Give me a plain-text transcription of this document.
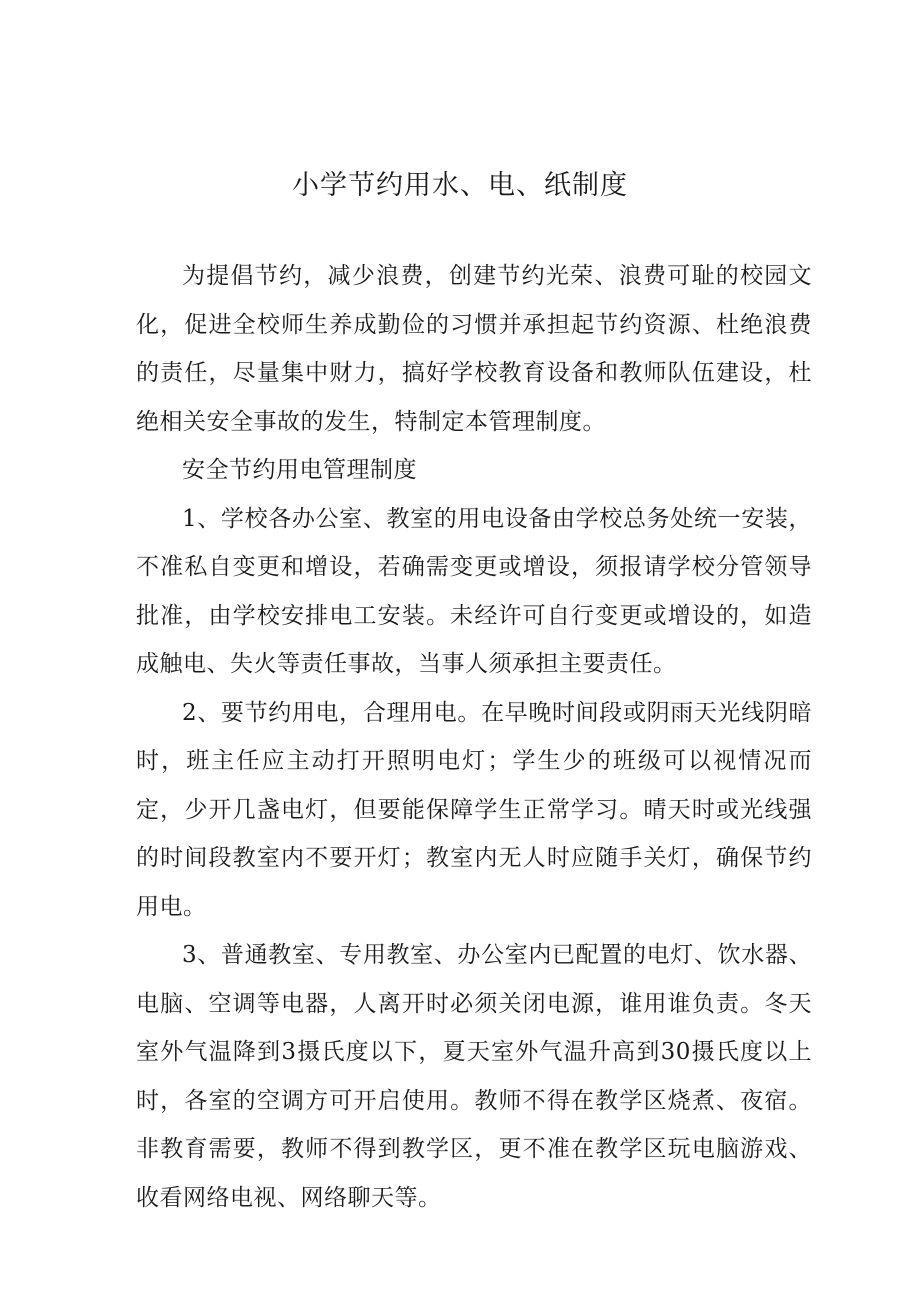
小学节约用水、电、纸制度

为提倡节约，减少浪费，创建节约光荣、浪费可耻的校园文化，促进全校师生养成勤俭的习惯并承担起节约资源、杜绝浪费的责任，尽量集中财力，搞好学校教育设备和教师队伍建设，杜绝相关安全事故的发生，特制定本管理制度。

安全节约用电管理制度

1、学校各办公室、教室的用电设备由学校总务处统一安装，不准私自变更和增设，若确需变更或增设，须报请学校分管领导批准，由学校安排电工安装。未经许可自行变更或增设的，如造成触电、失火等责任事故，当事人须承担主要责任。

2、要节约用电，合理用电。在早晚时间段或阴雨天光线阴暗时，班主任应主动打开照明电灯；学生少的班级可以视情况而定，少开几盏电灯，但要能保障学生正常学习。晴天时或光线强的时间段教室内不要开灯；教室内无人时应随手关灯，确保节约用电。

3、普通教室、专用教室、办公室内已配置的电灯、饮水器、电脑、空调等电器，人离开时必须关闭电源，谁用谁负责。冬天室外气温降到3摄氏度以下，夏天室外气温升高到30摄氏度以上时，各室的空调方可开启使用。教师不得在教学区烧煮、夜宿。非教育需要，教师不得到教学区，更不准在教学区玩电脑游戏、收看网络电视、网络聊天等。
